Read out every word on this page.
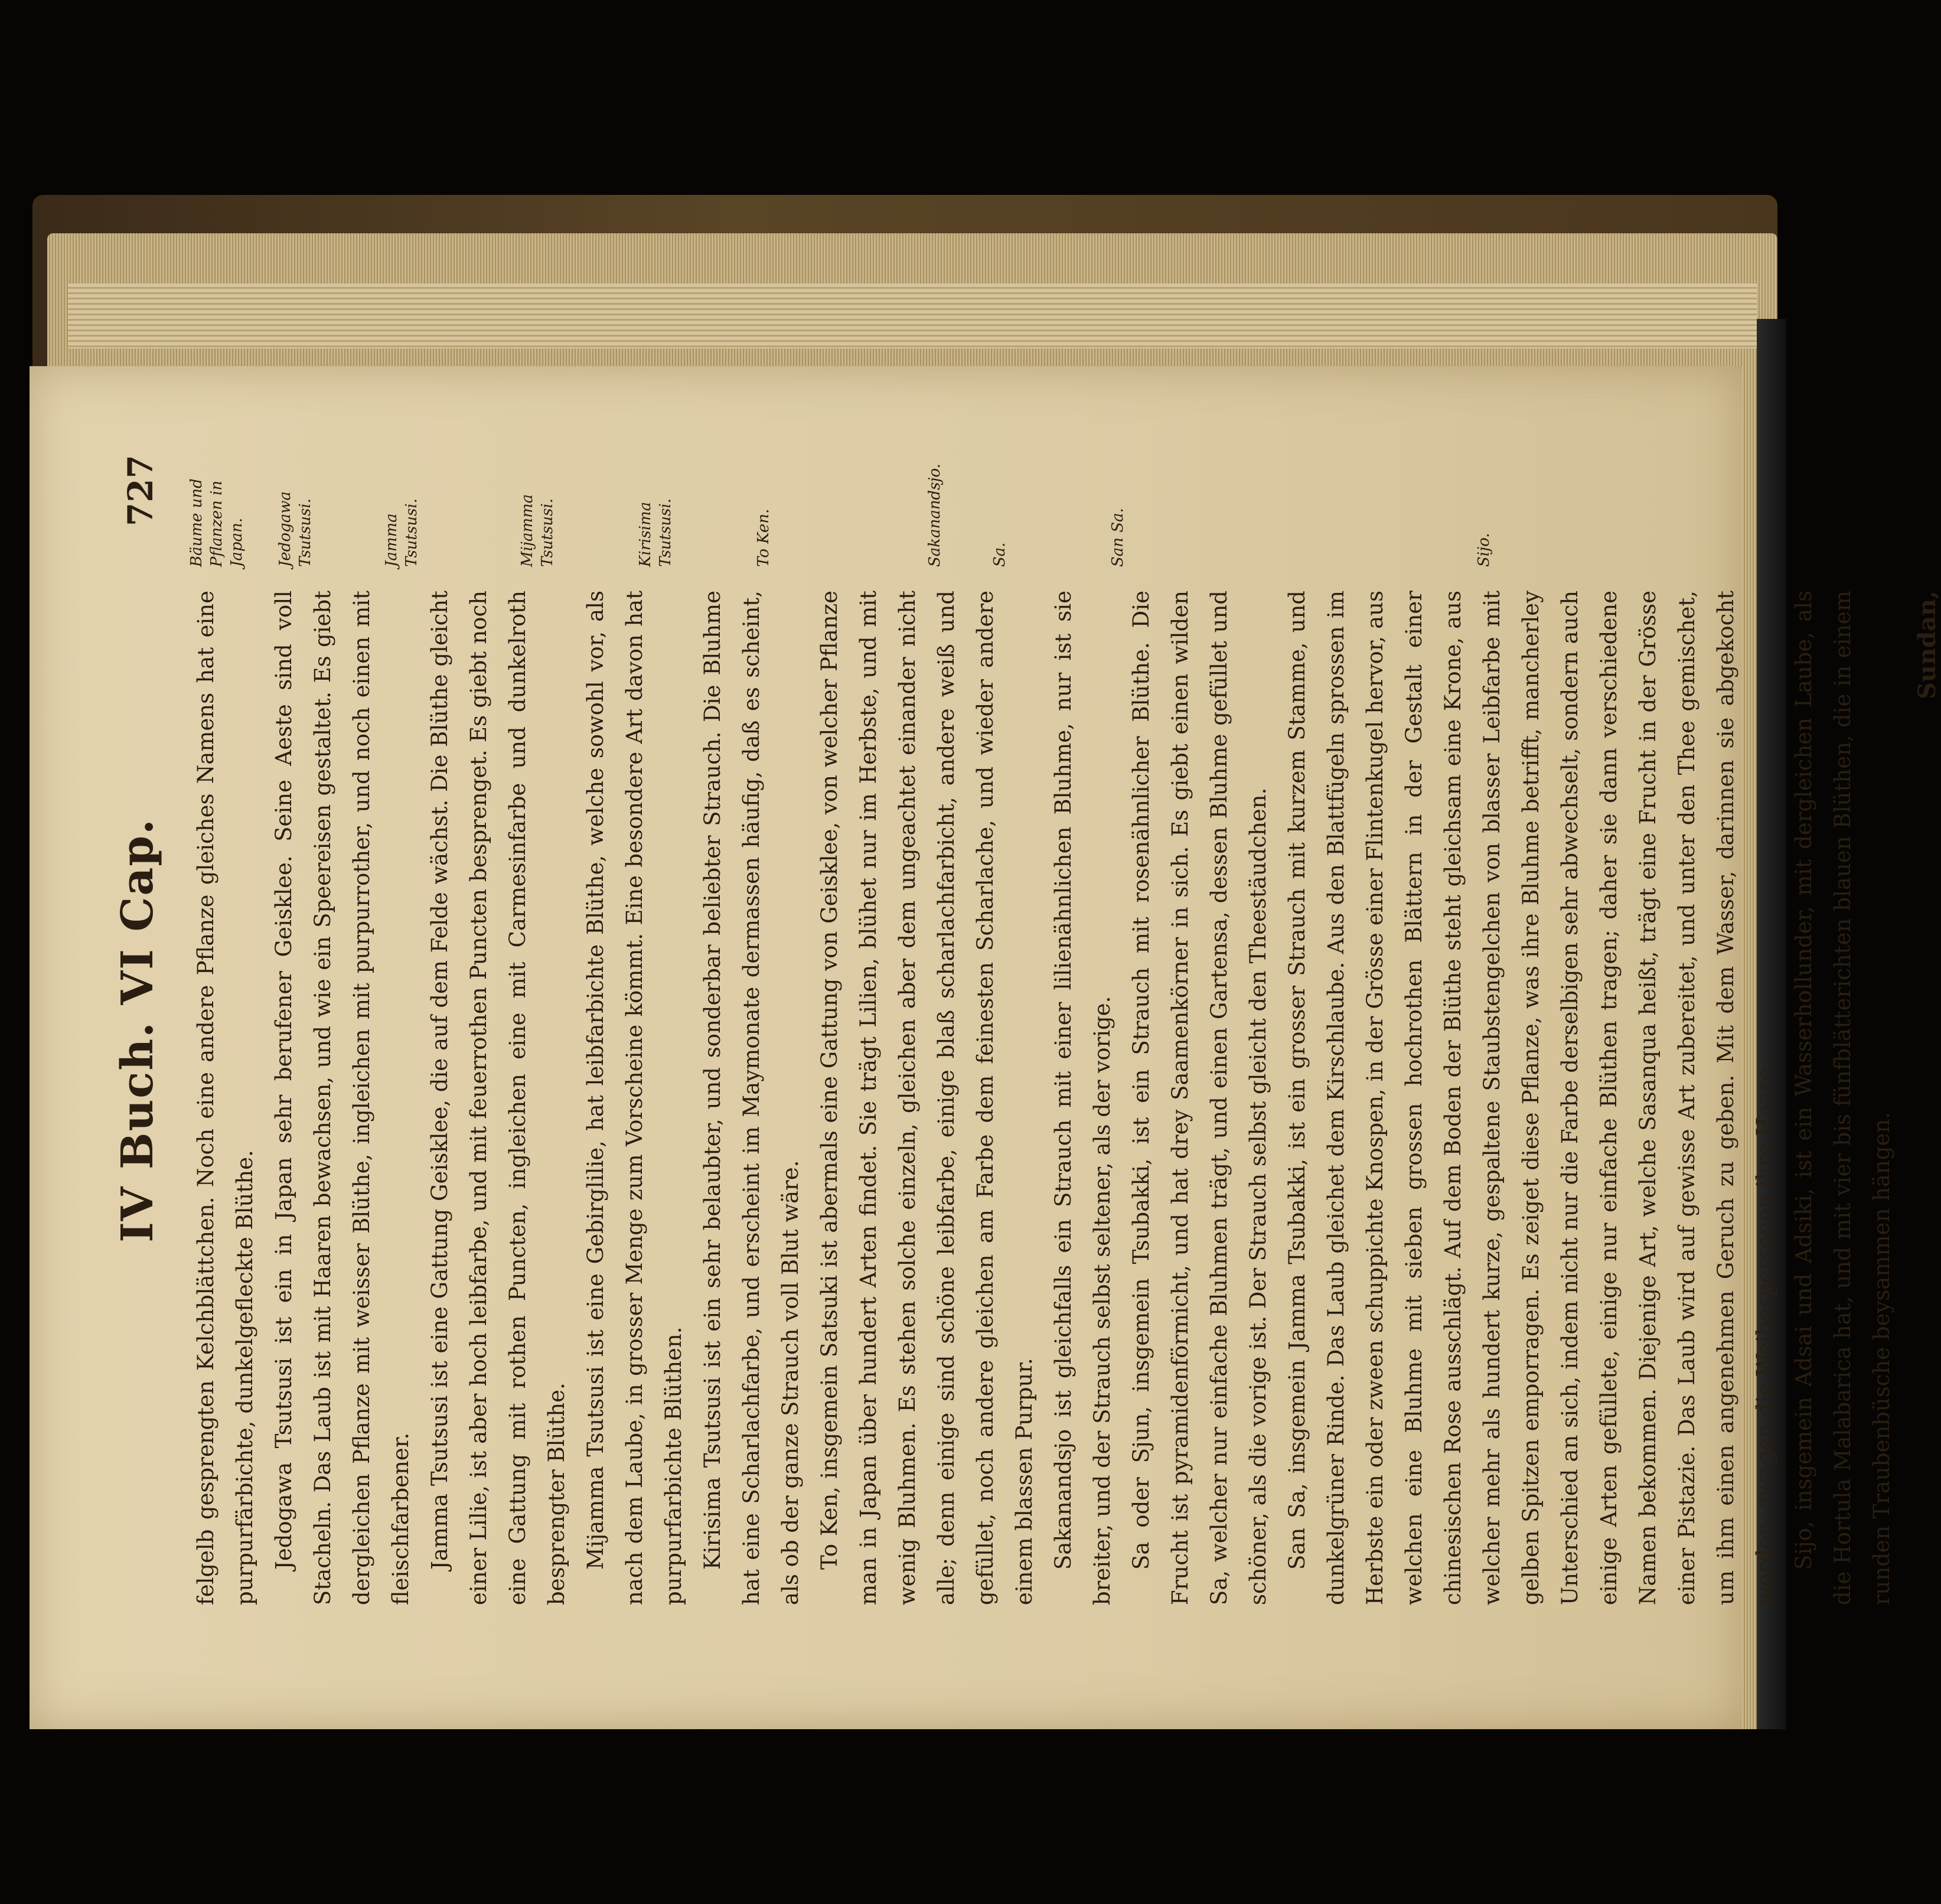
IV Buch. VI Cap.
727

felgelb gesprengten Kelchblättchen. Noch eine andere Pflanze gleiches Namens hat eine purpurfärbichte, dunkelgefleckte Blüthe. Jedogawa Tsutsusi ist ein in Japan sehr berufener Geisklee. Seine Aeste sind voll Stacheln. Das Laub ist mit Haaren bewachsen, und wie ein Speereisen gestaltet. Es giebt dergleichen Pflanze mit weisser Blüthe, ingleichen mit purpurrother, und noch einen mit fleischfarbener. Jamma Tsutsusi ist eine Gattung Geisklee, die auf dem Felde wächst. Die Blüthe gleicht einer Lilie, ist aber hoch leibfarbe, und mit feuerrothen Puncten besprenget. Es giebt noch eine Gattung mit rothen Puncten, ingleichen eine mit Carmesinfarbe und dunkelroth besprengter Blüthe. Mijamma Tsutsusi ist eine Gebirglilie, hat leibfarbichte Blüthe, welche sowohl vor, als nach dem Laube, in grosser Menge zum Vorscheine kömmt. Eine besondere Art davon hat purpurfarbichte Blüthen. Kirisima Tsutsusi ist ein sehr belaubter, und sonderbar beliebter Strauch. Die Bluhme hat eine Scharlachfarbe, und erscheint im Maymonate dermassen häufig, daß es scheint, als ob der ganze Strauch voll Blut wäre. To Ken, insgemein Satsuki ist abermals eine Gattung von Geisklee, von welcher Pflanze man in Japan über hundert Arten findet. Sie trägt Lilien, blühet nur im Herbste, und mit wenig Bluhmen. Es stehen solche einzeln, gleichen aber dem ungeachtet einander nicht alle; denn einige sind schöne leibfarbe, einige blaß scharlachfarbicht, andere weiß und gefüllet, noch andere gleichen am Farbe dem feinesten Scharlache, und wieder andere einem blassen Purpur. Sakanandsjo ist gleichfalls ein Strauch mit einer lilienähnlichen Bluhme, nur ist sie breiter, und der Strauch selbst seltener, als der vorige. Sa oder Sjun, insgemein Tsubakki, ist ein Strauch mit rosenähnlicher Blüthe. Die Frucht ist pyramidenförmicht, und hat drey Saamenkörner in sich. Es giebt einen wilden Sa, welcher nur einfache Bluhmen trägt, und einen Gartensa, dessen Bluhme gefüllet und schöner, als die vorige ist. Der Strauch selbst gleicht den Theestäudchen. San Sa, insgemein Jamma Tsubakki, ist ein grosser Strauch mit kurzem Stamme, und dunkelgrüner Rinde. Das Laub gleichet dem Kirschlaube. Aus den Blattfügeln sprossen im Herbste ein oder zween schuppichte Knospen, in der Grösse einer Flintenkugel hervor, aus welchen eine Bluhme mit sieben grossen hochrothen Blättern in der Gestalt einer chinesischen Rose ausschlägt. Auf dem Boden der Blüthe steht gleichsam eine Krone, aus welcher mehr als hundert kurze, gespaltene Staubstengelchen von blasser Leibfarbe mit gelben Spitzen emporragen. Es zeiget diese Pflanze, was ihre Bluhme betrifft, mancherley Unterschied an sich, indem nicht nur die Farbe derselbigen sehr abwechselt, sondern auch einige Arten gefüllete, einige nur einfache Blüthen tragen; daher sie dann verschiedene Namen bekommen. Diejenige Art, welche Sasanqua heißt, trägt eine Frucht in der Grösse einer Pistazie. Das Laub wird auf gewisse Art zubereitet, und unter den Thee gemischet, um ihm einen angenehmen Geruch zu geben. Mit dem Wasser, darinnen sie abgekocht worden, zwagen die Weibespersonen ihre Haare. Sijo, insgemein Adsai und Adsiki, ist ein Wasserhollunder, mit dergleichen Laube, als die Hortula Malabarica hat, und mit vier bis fünfblätterichten blauen Blüthen, die in einem runden Traubenbüsche beysammen hängen.

Sundan,
Bäume und Pflanzen in Japan. Jedogawa Tsutsusi.	Jamma Tsutsusi.	Mijamma Tsutsusi.	Kirisima Tsutsusi.	To Ken.	Sakanandsjo.	Sa.	San Sa.	Sijo.
